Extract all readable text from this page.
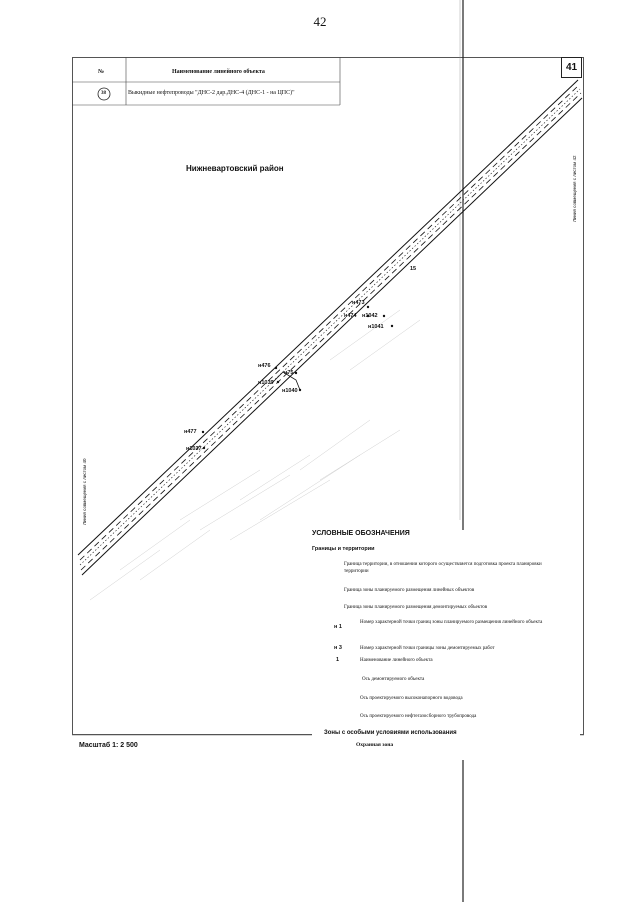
42
№	Наименование линейного объекта
38	Выкидные нефтепроводы "ДНС-2 дар.ДНС-4 (ДНС-1 - на ЦПС)"
41
Нижневартовский район	Линия совмещения с листом 42
Линия совмещения с листом 40
15
н473
н474 н1042
н1041
н476
н75
н1039
н1040
н477
н1037
УСЛОВНЫЕ ОБОЗНАЧЕНИЯ
Границы и территории
Граница территории, в отношении которого осуществляется подготовка проекта планировки территории
Граница зоны планируемого размещения линейных объектов
Граница зоны планируемого размещения демонтируемых объектов
н 1
Номер характерной точки границ зоны планируемого размещения линейного объекта
н 3	Номер характерной точки границы зоны демонтируемых работ
1	Наименование линейного объекта
Ось демонтируемого объекта
Ось проектируемого высоконапорного водовода
Ось проектируемого нефтегазосборного трубопровода
Зоны с особыми условиями использования
Охранная зона
Масштаб 1: 2 500
